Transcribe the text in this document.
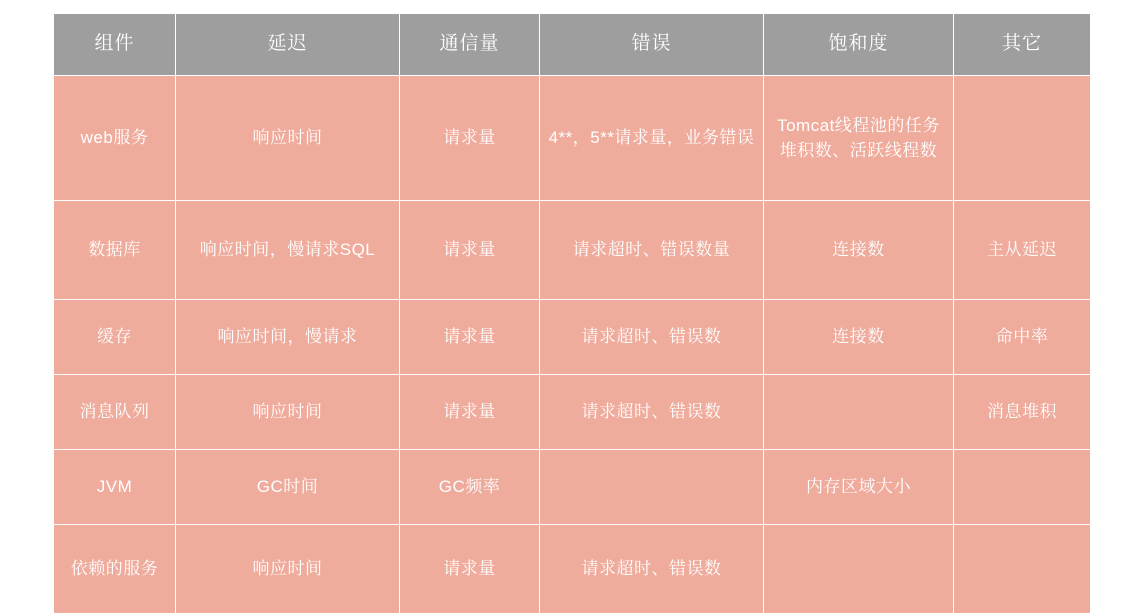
组件	延迟	通信量	错误	饱和度	其它
web服务	响应时间	请求量	4**，5**请求量，业务错误	Tomcat线程池的任务堆积数、活跃线程数	
数据库	响应时间，慢请求SQL	请求量	请求超时、错误数量	连接数	主从延迟
缓存	响应时间，慢请求	请求量	请求超时、错误数	连接数	命中率
消息队列	响应时间	请求量	请求超时、错误数		消息堆积
JVM	GC时间	GC频率		内存区域大小	
依赖的服务	响应时间	请求量	请求超时、错误数		
